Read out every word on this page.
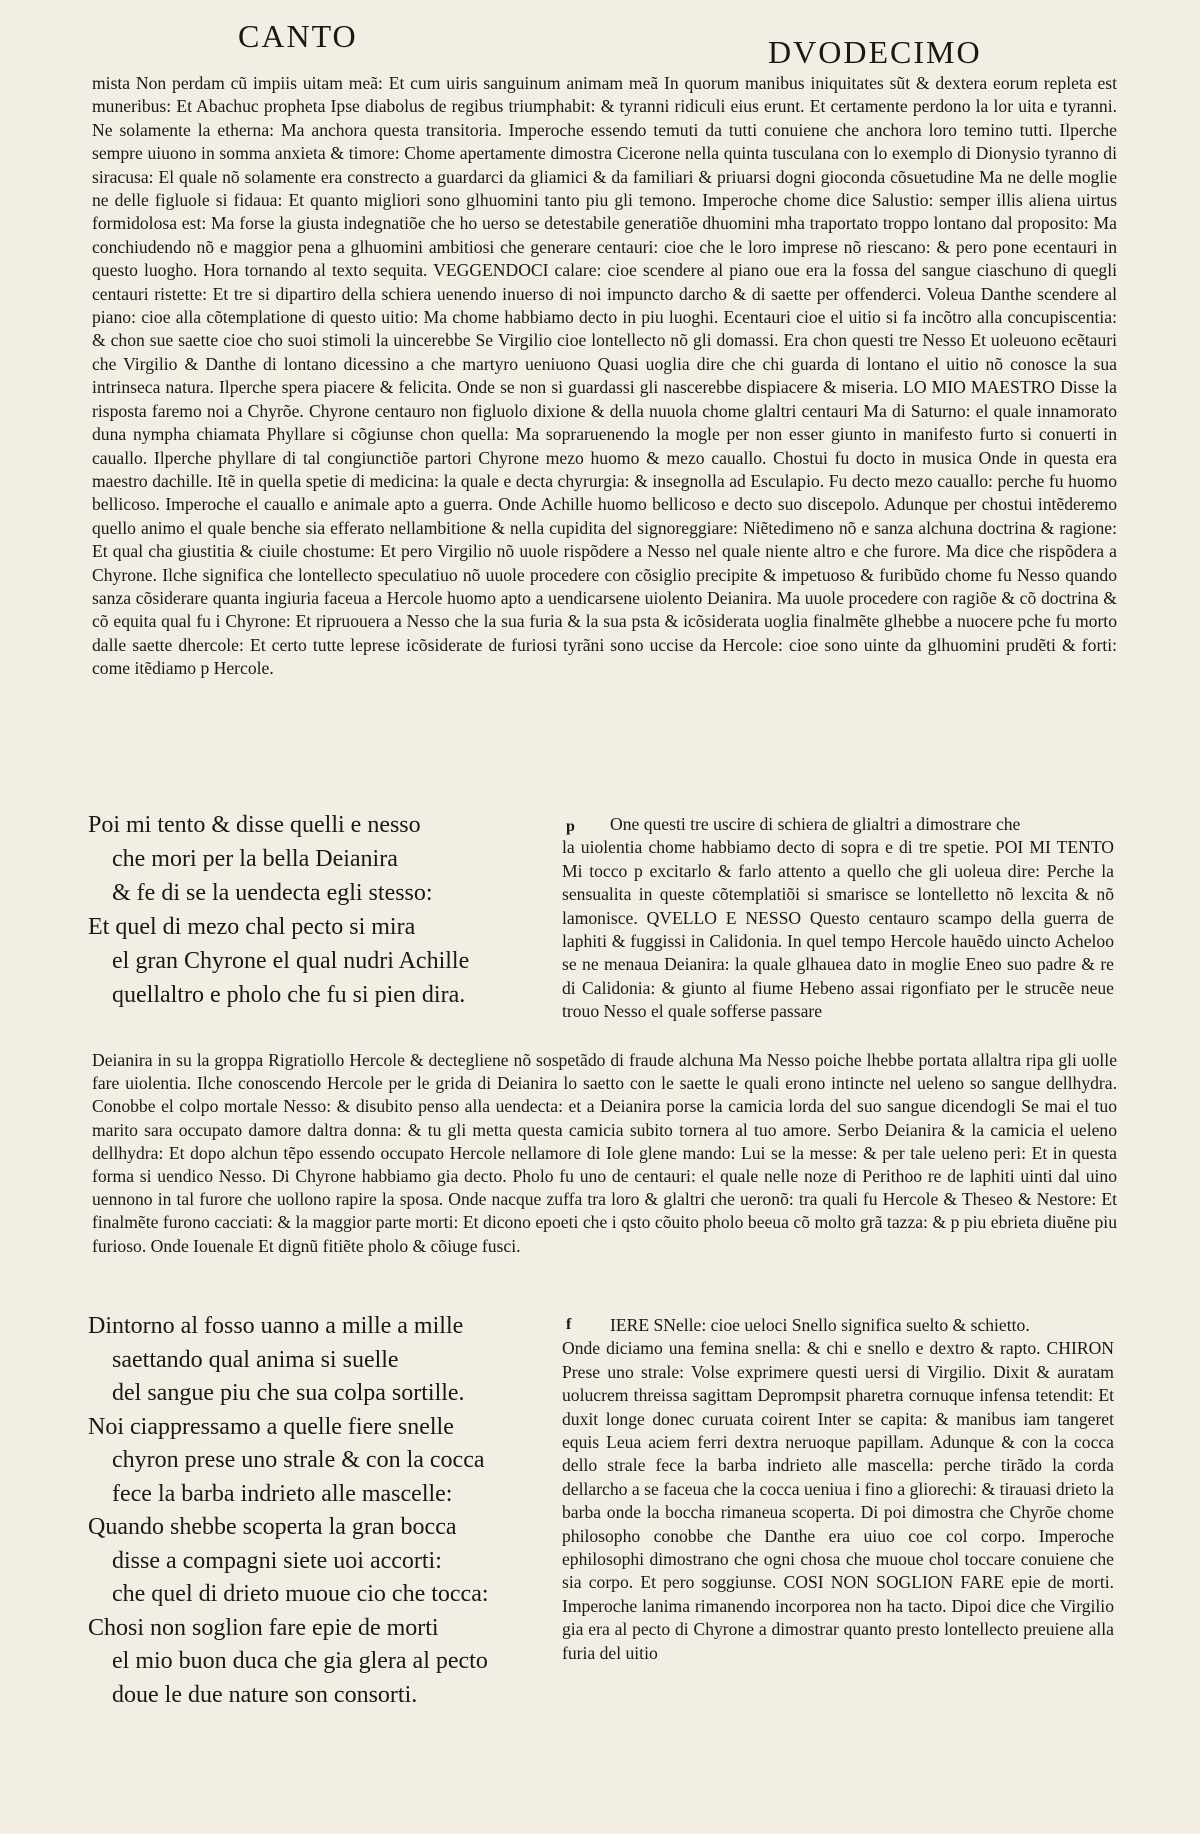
CANTO	DVODECIMO

mista Non perdam cũ impiis uitam meã: Et cum uiris sanguinum animam meã In quorum manibus iniquitates sũt & dextera eorum repleta est muneribus: Et Abachuc propheta Ipse diabolus de regibus triumphabit: & tyranni ridiculi eius erunt. Et certamente perdono la lor uita e tyranni. Ne solamente la etherna: Ma anchora questa transitoria. Imperoche essendo temuti da tutti conuiene che anchora loro temino tutti. Ilperche sempre uiuono in somma anxieta & timore: Chome apertamente dimostra Cicerone nella quinta tusculana con lo exemplo di Dionysio tyranno di siracusa: El quale nõ solamente era constrecto a guardarci da gliamici & da familiari & priuarsi dogni gioconda cõsuetudine Ma ne delle moglie ne delle figluole si fidaua: Et quanto migliori sono glhuomini tanto piu gli temono. Imperoche chome dice Salustio: semper illis aliena uirtus formidolosa est: Ma forse la giusta indegnatiõe che ho uerso se detestabile generatiõe dhuomini mha traportato troppo lontano dal proposito: Ma conchiudendo nõ e maggior pena a glhuomini ambitiosi che generare centauri: cioe che le loro imprese nõ riescano: & pero pone ecentauri in questo luogho. Hora tornando al texto sequita. VEGGENDOCI calare: cioe scendere al piano oue era la fossa del sangue ciaschuno di quegli centauri ristette: Et tre si dipartiro della schiera uenendo inuerso di noi impuncto darcho & di saette per offenderci. Voleua Danthe scendere al piano: cioe alla cõtemplatione di questo uitio: Ma chome habbiamo decto in piu luoghi. Ecentauri cioe el uitio si fa incõtro alla concupiscentia: & chon sue saette cioe cho suoi stimoli la uincerebbe Se Virgilio cioe lontellecto nõ gli domassi. Era chon questi tre Nesso Et uoleuono ecẽtauri che Virgilio & Danthe di lontano dicessino a che martyro ueniuono Quasi uoglia dire che chi guarda di lontano el uitio nõ conosce la sua intrinseca natura. Ilperche spera piacere & felicita. Onde se non si guardassi gli nascerebbe dispiacere & miseria. LO MIO MAESTRO Disse la risposta faremo noi a Chyrõe. Chyrone centauro non figluolo dixione & della nuuola chome glaltri centauri Ma di Saturno: el quale innamorato duna nympha chiamata Phyllare si cõgiunse chon quella: Ma sopraruenendo la mogle per non esser giunto in manifesto furto si conuerti in cauallo. Ilperche phyllare di tal congiunctiõe partori Chyrone mezo huomo & mezo cauallo. Chostui fu docto in musica Onde in questa era maestro dachille. Itẽ in quella spetie di medicina: la quale e decta chyrurgia: & insegnolla ad Esculapio. Fu decto mezo cauallo: perche fu huomo bellicoso. Imperoche el cauallo e animale apto a guerra. Onde Achille huomo bellicoso e decto suo discepolo. Adunque per chostui intẽderemo quello animo el quale benche sia efferato nellambitione & nella cupidita del signoreggiare: Niẽtedimeno nõ e sanza alchuna doctrina & ragione: Et qual cha giustitia & ciuile chostume: Et pero Virgilio nõ uuole rispõdere a Nesso nel quale niente altro e che furore. Ma dice che rispõdera a Chyrone. Ilche significa che lontellecto speculatiuo nõ uuole procedere con cõsiglio precipite & impetuoso & furibũdo chome fu Nesso quando sanza cõsiderare quanta ingiuria faceua a Hercole huomo apto a uendicarsene uiolento Deianira. Ma uuole procedere con ragiõe & cõ doctrina & cõ equita qual fu i Chyrone: Et ripruouera a Nesso che la sua furia & la sua psta & icõsiderata uoglia finalmẽte glhebbe a nuocere pche fu morto dalle saette dhercole: Et certo tutte leprese icõsiderate de furiosi tyrãni sono uccise da Hercole: cioe sono uinte da glhuomini prudẽti & forti: come itẽdiamo p Hercole.

Poi mi tento & disse quelli e nesso
che mori per la bella Deianira
& fe di se la uendecta egli stesso:
Et quel di mezo chal pecto si mira
el gran Chyrone el qual nudri Achille
quellaltro e pholo che fu si pien dira.
p	One questi tre uscire di schiera de glialtri a dimostrare che
la uiolentia chome habbiamo decto di sopra e di tre spetie. POI MI TENTO Mi tocco p excitarlo & farlo attento a quello che gli uoleua dire: Perche la sensualita in queste cõtemplatiõi si smarisce se lontelletto nõ lexcita & nõ lamonisce. QVELLO E NESSO Questo centauro scampo della guerra de laphiti & fuggissi in Calidonia. In quel tempo Hercole hauẽdo uincto Acheloo se ne menaua Deianira: la quale glhauea dato in moglie Eneo suo padre & re di Calidonia: & giunto al fiume Hebeno assai rigonfiato per le strucẽe neue trouo Nesso el quale sofferse passare

Deianira in su la groppa Rigratiollo Hercole & dectegliene nõ sospetãdo di fraude alchuna Ma Nesso poiche lhebbe portata allaltra ripa gli uolle fare uiolentia. Ilche conoscendo Hercole per le grida di Deianira lo saetto con le saette le quali erono intincte nel ueleno so sangue dellhydra. Conobbe el colpo mortale Nesso: & disubito penso alla uendecta: et a Deianira porse la camicia lorda del suo sangue dicendogli Se mai el tuo marito sara occupato damore daltra donna: & tu gli metta questa camicia subito tornera al tuo amore. Serbo Deianira & la camicia el ueleno dellhydra: Et dopo alchun tẽpo essendo occupato Hercole nellamore di Iole glene mando: Lui se la messe: & per tale ueleno peri: Et in questa forma si uendico Nesso. Di Chyrone habbiamo gia decto. Pholo fu uno de centauri: el quale nelle noze di Perithoo re de laphiti uinti dal uino uennono in tal furore che uollono rapire la sposa. Onde nacque zuffa tra loro & glaltri che ueronõ: tra quali fu Hercole & Theseo & Nestore: Et finalmẽte furono cacciati: & la maggior parte morti: Et dicono epoeti che i qsto cõuito pholo beeua cõ molto grã tazza: & p piu ebrieta diuẽne piu furioso. Onde Iouenale Et dignũ fitiẽte pholo & cõiuge fusci.

Dintorno al fosso uanno a mille a mille
saettando qual anima si suelle
del sangue piu che sua colpa sortille.
Noi ciappressamo a quelle fiere snelle
chyron prese uno strale & con la cocca
fece la barba indrieto alle mascelle:
Quando shebbe scoperta la gran bocca
disse a compagni siete uoi accorti:
che quel di drieto muoue cio che tocca:
Chosi non soglion fare epie de morti
el mio buon duca che gia glera al pecto
doue le due nature son consorti.
f	IERE SNelle: cioe ueloci Snello significa suelto & schietto.
Onde diciamo una femina snella: & chi e snello e dextro & rapto. CHIRON Prese uno strale: Volse exprimere questi uersi di Virgilio. Dixit & auratam uolucrem threissa sagittam Deprompsit pharetra cornuque infensa tetendit: Et duxit longe donec curuata coirent Inter se capita: & manibus iam tangeret equis Leua aciem ferri dextra neruoque papillam. Adunque & con la cocca dello strale fece la barba indrieto alle mascella: perche tirãdo la corda dellarcho a se faceua che la cocca ueniua i fino a gliorechi: & tirauasi drieto la barba onde la boccha rimaneua scoperta. Di poi dimostra che Chyrõe chome philosopho conobbe che Danthe era uiuo coe col corpo. Imperoche ephilosophi dimostrano che ogni chosa che muoue chol toccare conuiene che sia corpo. Et pero soggiunse. COSI NON SOGLION FARE epie de morti. Imperoche lanima rimanendo incorporea non ha tacto. Dipoi dice che Virgilio gia era al pecto di Chyrone a dimostrar quanto presto lontellecto preuiene alla furia del uitio
